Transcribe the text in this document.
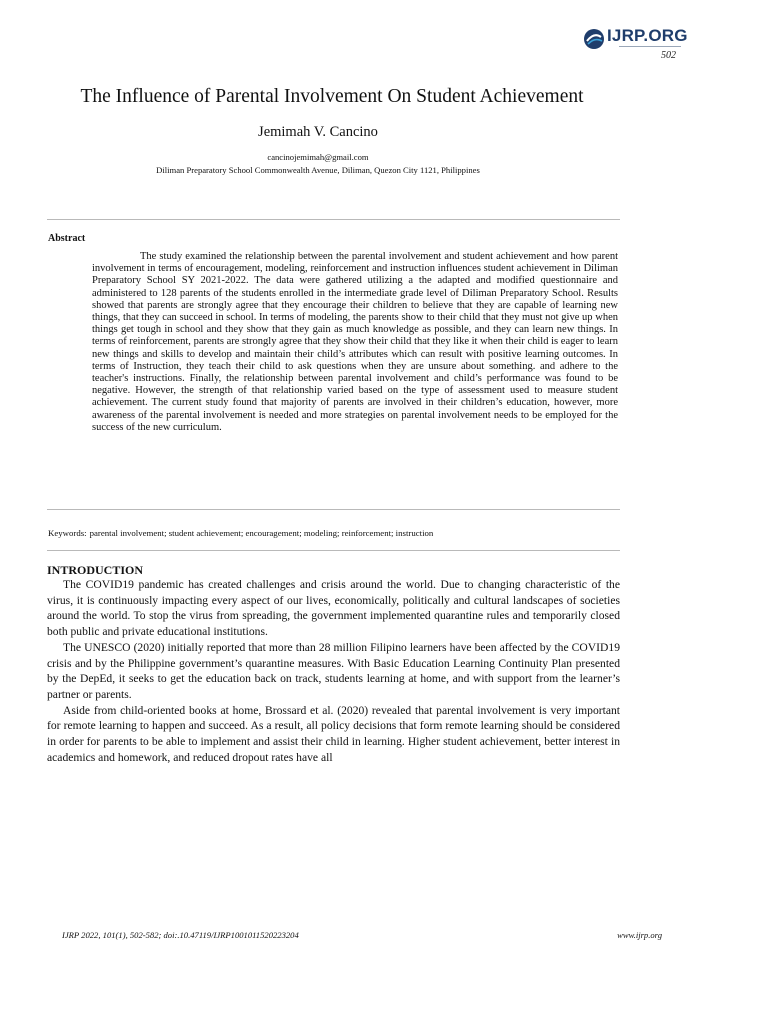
IJRP.ORG
502
The Influence of Parental Involvement On Student Achievement
Jemimah V. Cancino
cancinojemimah@gmail.com
Diliman Preparatory School Commonwealth Avenue, Diliman, Quezon City 1121, Philippines
Abstract

The study examined the relationship between the parental involvement and student achievement and how parent involvement in terms of encouragement, modeling, reinforcement and instruction influences student achievement in Diliman Preparatory School SY 2021-2022. The data were gathered utilizing a the adapted and modified questionnaire and administered to 128 parents of the students enrolled in the intermediate grade level of Diliman Preparatory School. Results showed that parents are strongly agree that they encourage their children to believe that they are capable of learning new things, that they can succeed in school. In terms of modeling, the parents show to their child that they must not give up when things get tough in school and they show that they gain as much knowledge as possible, and they can learn new things. In terms of reinforcement, parents are strongly agree that they show their child that they like it when their child is eager to learn new things and skills to develop and maintain their child’s attributes which can result with positive learning outcomes. In terms of Instruction, they teach their child to ask questions when they are unsure about something. and adhere to the teacher's instructions. Finally, the relationship between parental involvement and child’s performance was found to be negative. However, the strength of that relationship varied based on the type of assessment used to measure student achievement. The current study found that majority of parents are involved in their children’s education, however, more awareness of the parental involvement is needed and more strategies on parental involvement needs to be employed for the success of the new curriculum.

Keywords: parental involvement; student achievement; encouragement; modeling; reinforcement; instruction
INTRODUCTION

The COVID19 pandemic has created challenges and crisis around the world. Due to changing characteristic of the virus, it is continuously impacting every aspect of our lives, economically, politically and cultural landscapes of societies around the world. To stop the virus from spreading, the government implemented quarantine rules and temporarily closed both public and private educational institutions.

The UNESCO (2020) initially reported that more than 28 million Filipino learners have been affected by the COVID19 crisis and by the Philippine government’s quarantine measures. With Basic Education Learning Continuity Plan presented by the DepEd, it seeks to get the education back on track, students learning at home, and with support from the learner’s partner or parents.

Aside from child-oriented books at home, Brossard et al. (2020) revealed that parental involvement is very important for remote learning to happen and succeed. As a result, all policy decisions that form remote learning should be considered in order for parents to be able to implement and assist their child in learning. Higher student achievement, better interest in academics and homework, and reduced dropout rates have all

IJRP 2022, 101(1), 502-582; doi:.10.47119/IJRP1001011520223204	www.ijrp.org
